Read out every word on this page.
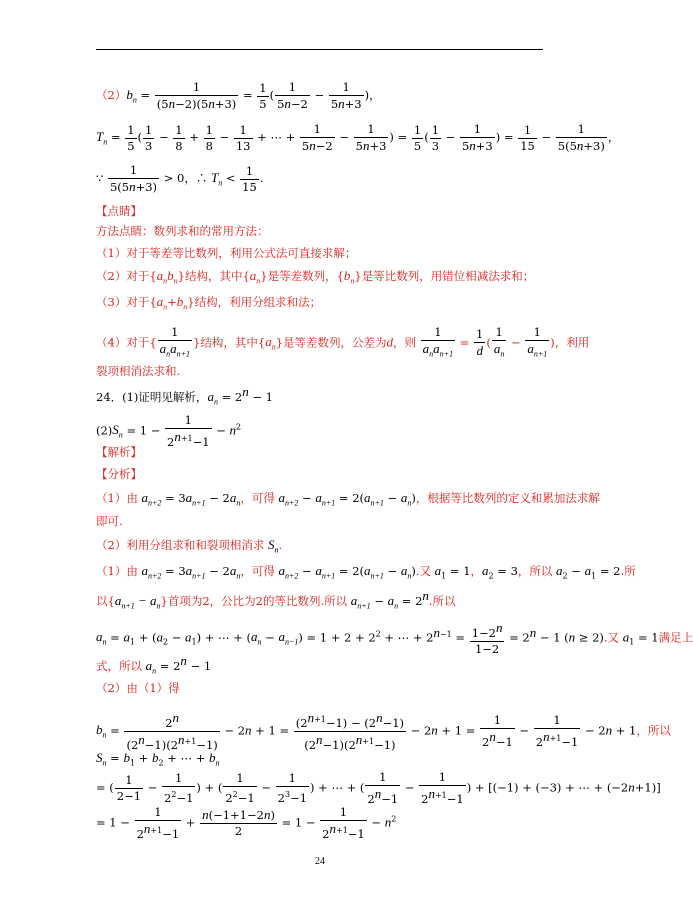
$(2)b_n = \frac{1}{(5n-2)(5n+3)} = \frac{1}{5}$ ( $\frac{1}{5n-2} - \frac{1}{5n+3}$ )，
$T_n = \frac{1}{5}$ ( $\frac{1}{3} - \frac{1}{8} + \frac{1}{8} - \frac{1}{13}$ + ⋯ + $\frac{1}{5n-2} - \frac{1}{5n+3}$ ) = $\frac{1}{5}$ ( $\frac{1}{3} - \frac{1}{5n+3}$ ) = $\frac{1}{15} - \frac{1}{5(5n+3)}$ ，
∵ $\frac{1}{5(5n+3)} > 0$，∴ $T_n < \frac{1}{15}$ .
【点睛】
方法点睛：数列求和的常用方法：
（1）对于等差等比数列，利用公式法可直接求解；
（2）对于$\{a_nb_n\}$结构，其中$\{a_n\}$是等差数列，$\{b_n\}$是等比数列，用错位相减法求和；
（3）对于$\{a_n+b_n\}$结构，利用分组求和法；
（4）对于{
1
$a_na_{n+1}$
}结构，其中$\{a_n\}$是等差数列，公差为d，则
1
$a_na_{n+1}$
= $\frac{1}{d}$ ( $\frac{1}{a_n} - \frac{1}{a_{n+1}}$ )，利用
裂项相消法求和.
24．(1)证明见解析，$a_n = 2^n - 1$
$(2)S_n = 1 - \frac{1}{2^{n+1}-1} - n^2$
【解析】
【分析】
（1）由 $a_{n+2} = 3a_{n+1} - 2a_n$，可得 $a_{n+2} - a_{n+1} = 2(a_{n+1} - a_n)$，根据等比数列的定义和累加法求解
即可.
（2）利用分组求和和裂项相消求 $S_n$.
（1）由 $a_{n+2} = 3a_{n+1} - 2a_n$，可得 $a_{n+2} - a_{n+1} = 2(a_{n+1} - a_n)$.又 $a_1 = 1$，$a_2 = 3$，所以 $a_2 - a_1 = 2$.所
以$\{a_{n+1} - a_n\}$首项为2，公比为2的等比数列.所以 $a_{n+1} - a_n = 2^n$.所以
$a_n = a_1 + (a_2 - a_1)$ + ⋯ + $(a_n - a_{n-1}) = 1 + 2 + 2^2$ + ⋯ + $2^{n-1} = \frac{1-2^n}{1-2} = 2^n - 1$ (n ≥ 2).又 $a_1 = 1$满足上
式，所以 $a_n = 2^n - 1$
（2）由（1）得
$b_n = \frac{2^n}{(2^n-1)(2^{n+1}-1)} - 2n + 1 = \frac{(2^{n+1}-1) - (2^n-1)}{(2^n-1)(2^{n+1}-1)} - 2n + 1 = \frac{1}{2^n-1} - \frac{1}{2^{n+1}-1} - 2n + 1$，所以
$S_n = b_1 + b_2$ + ⋯ + $b_n$
= ( $\frac{1}{2-1} - \frac{1}{2^2-1}$ ) + ( $\frac{1}{2^2-1} - \frac{1}{2^3-1}$ ) + ⋯ + ( $\frac{1}{2^n-1} - \frac{1}{2^{n+1}-1}$ ) + [(−1) + (−3) + ⋯ + (−2n+1)]
= $1 - \frac{1}{2^{n+1}-1} + \frac{n(-1+1-2n)}{2} = 1 - \frac{1}{2^{n+1}-1} - n^2$
24
